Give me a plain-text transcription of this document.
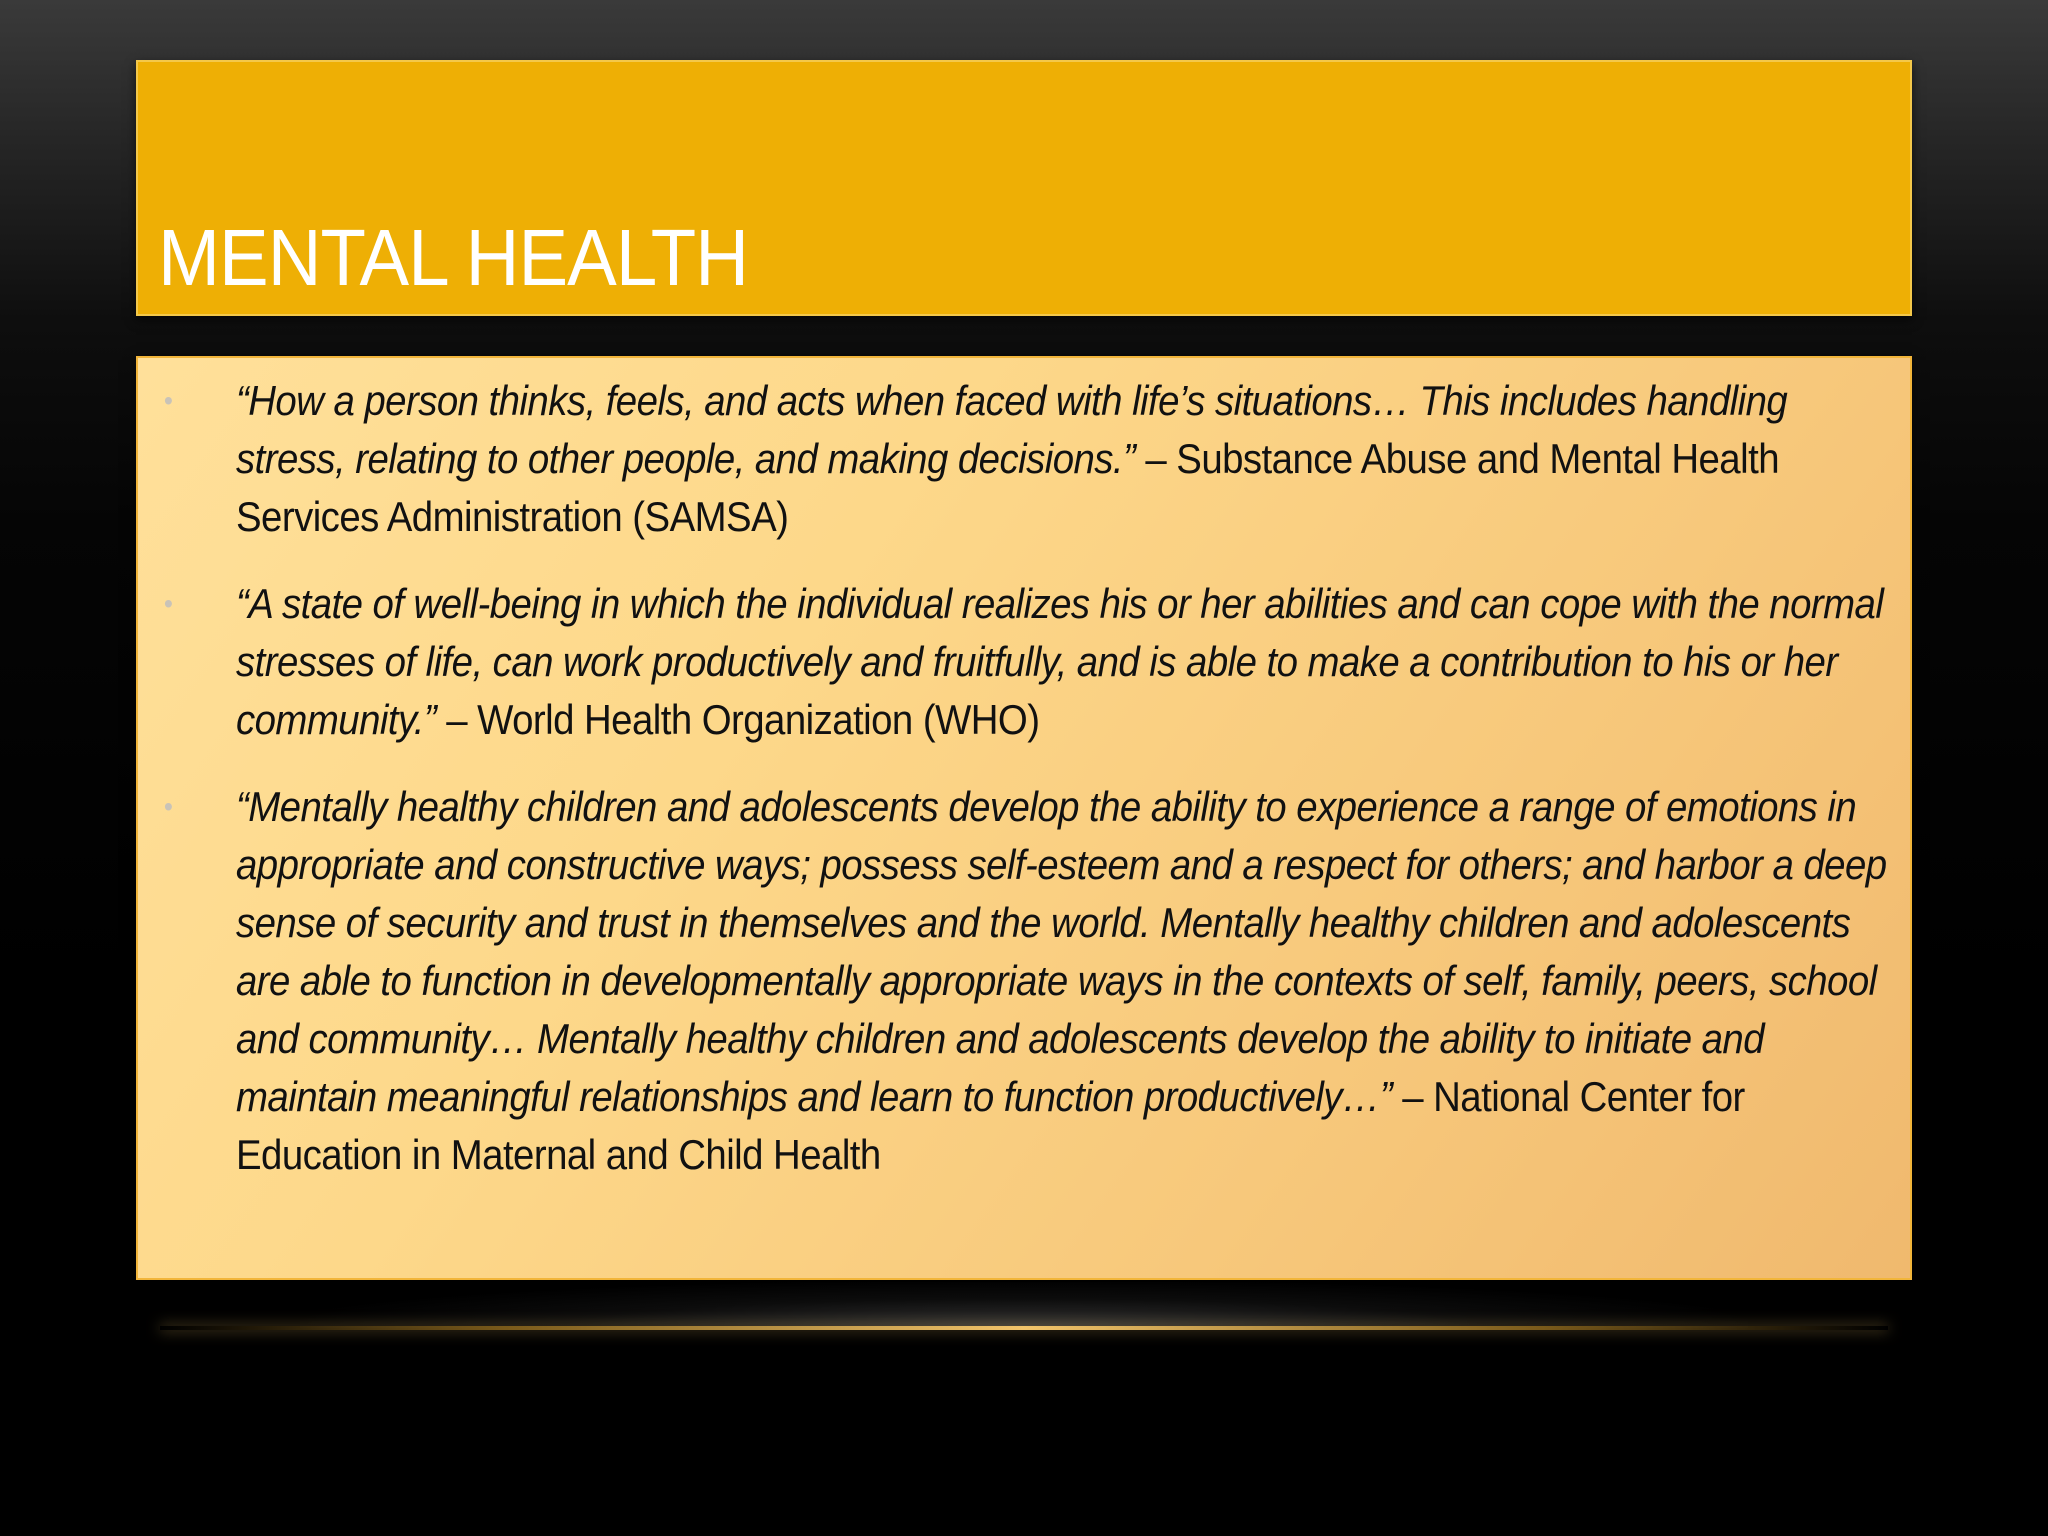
MENTAL HEALTH
• “How a person thinks, feels, and acts when faced with life’s situations… This includes handling stress, relating to other people, and making decisions.” – Substance Abuse and Mental Health Services Administration (SAMSA)
• “A state of well-being in which the individual realizes his or her abilities and can cope with the normal stresses of life, can work productively and fruitfully, and is able to make a contribution to his or her community.” – World Health Organization (WHO)
• “Mentally healthy children and adolescents develop the ability to experience a range of emotions in appropriate and constructive ways; possess self-esteem and a respect for others; and harbor a deep sense of security and trust in themselves and the world. Mentally healthy children and adolescents are able to function in developmentally appropriate ways in the contexts of self, family, peers, school and community… Mentally healthy children and adolescents develop the ability to initiate and maintain meaningful relationships and learn to function productively…” – National Center for Education in Maternal and Child Health
